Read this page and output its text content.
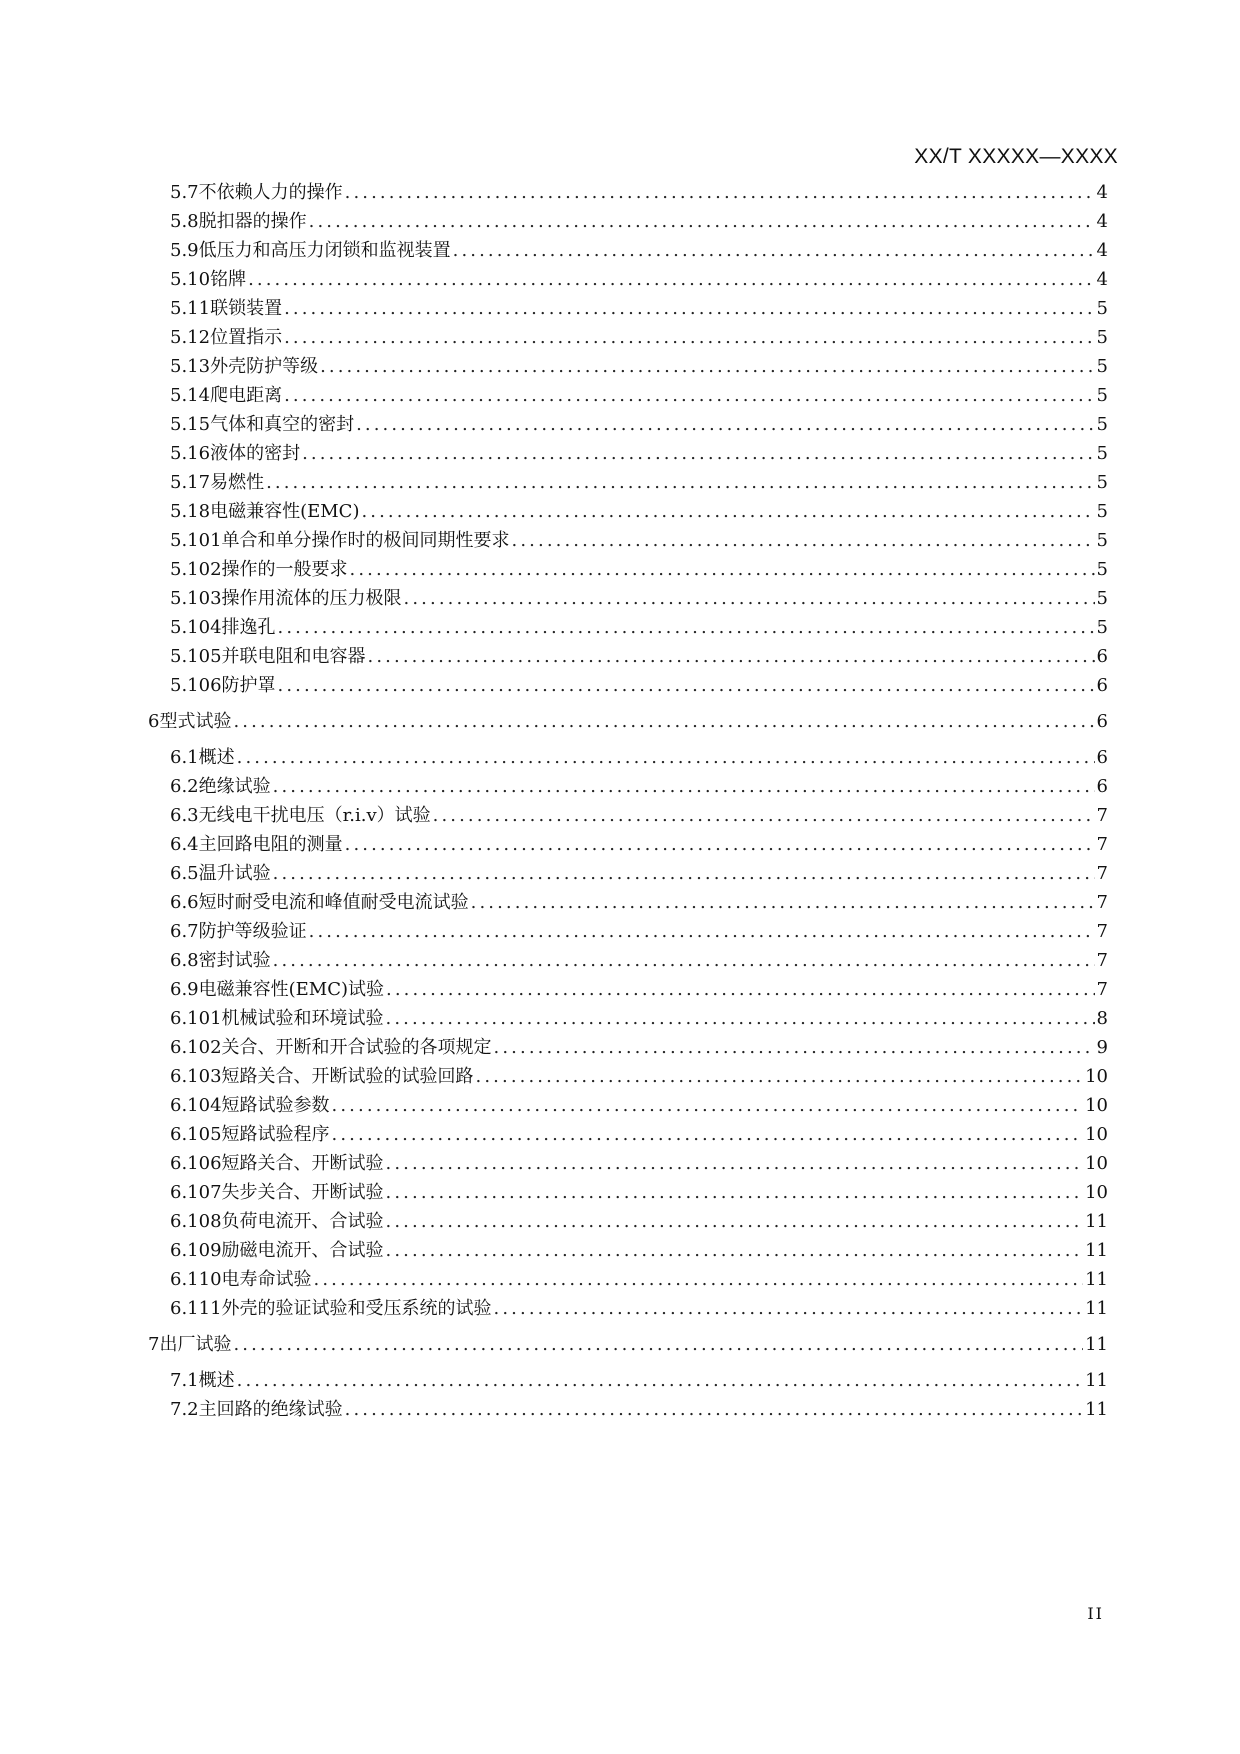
XX/T XXXXX—XXXX
5.7 不依赖人力的操作 .....	4
5.8 脱扣器的操作 .....	4
5.9 低压力和高压力闭锁和监视装置 .....	4
5.10 铭牌 .....	4
5.11 联锁装置 .....	5
5.12 位置指示 .....	5
5.13 外壳防护等级 .....	5
5.14 爬电距离 .....	5
5.15 气体和真空的密封 .....	5
5.16 液体的密封 .....	5
5.17 易燃性 .....	5
5.18 电磁兼容性(EMC) .....	5
5.101 单合和单分操作时的极间同期性要求 .....	5
5.102 操作的一般要求 .....	5
5.103 操作用流体的压力极限 .....	5
5.104 排逸孔 .....	5
5.105 并联电阻和电容器 .....	6
5.106 防护罩 .....	6
6 型式试验 .....	6
6.1 概述 .....	6
6.2 绝缘试验 .....	6
6.3 无线电干扰电压（r.i.v）试验 .....	7
6.4 主回路电阻的测量 .....	7
6.5 温升试验 .....	7
6.6 短时耐受电流和峰值耐受电流试验 .....	7
6.7 防护等级验证 .....	7
6.8 密封试验 .....	7
6.9 电磁兼容性(EMC)试验 .....	7
6.101 机械试验和环境试验 .....	8
6.102 关合、开断和开合试验的各项规定 .....	9
6.103 短路关合、开断试验的试验回路 .....	10
6.104 短路试验参数 .....	10
6.105 短路试验程序 .....	10
6.106 短路关合、开断试验 .....	10
6.107 失步关合、开断试验 .....	10
6.108 负荷电流开、合试验 .....	11
6.109 励磁电流开、合试验 .....	11
6.110 电寿命试验 .....	11
6.111 外壳的验证试验和受压系统的试验 .....	11
7 出厂试验 .....	11
7.1 概述 .....	11
7.2 主回路的绝缘试验 .....	11
II
